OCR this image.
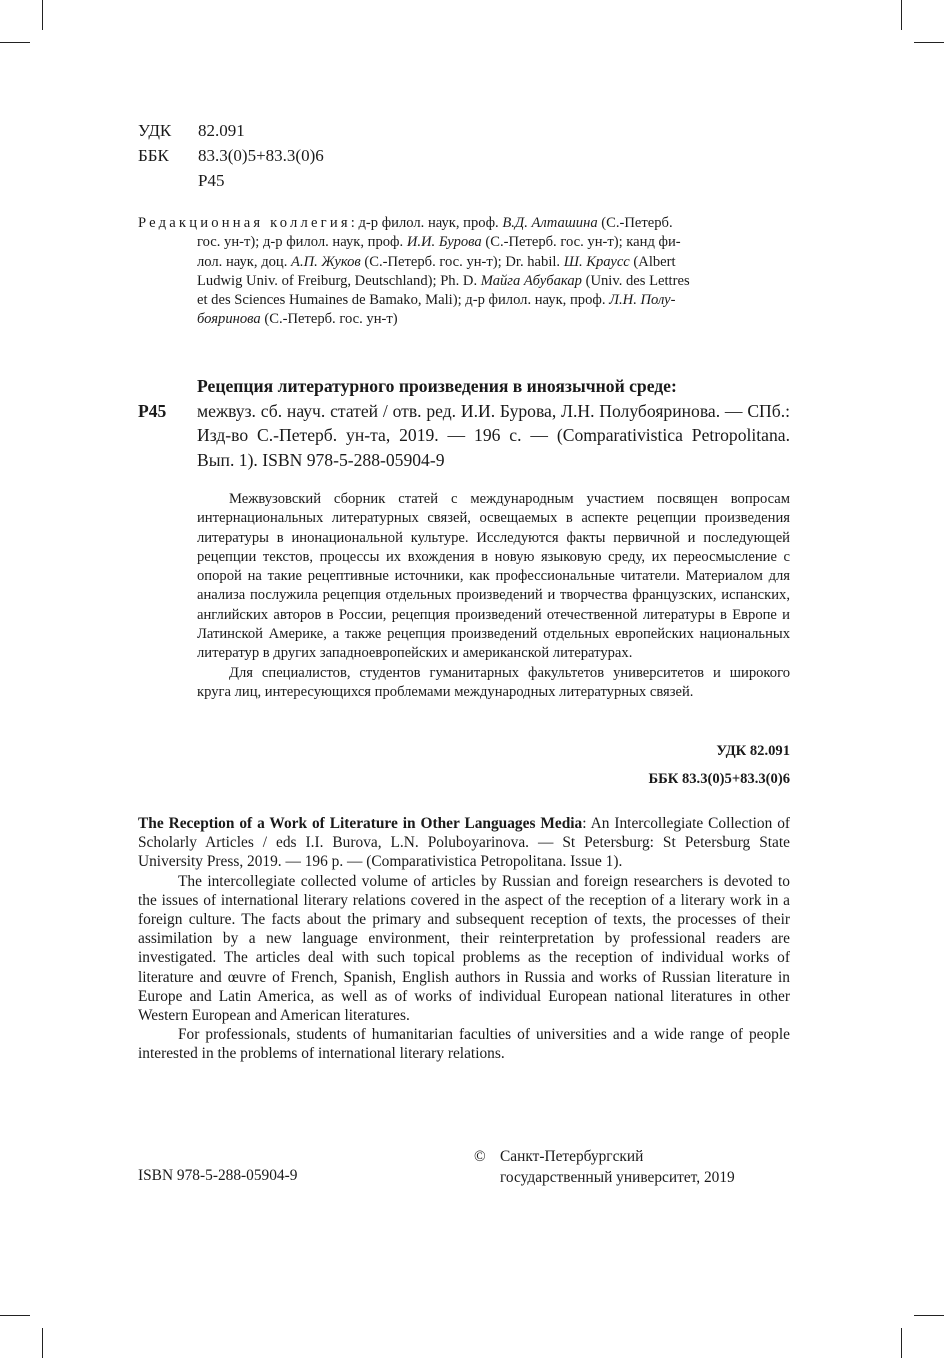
УДК	82.091
ББК	83.3(0)5+83.3(0)6
Р45
Редакционная коллегия: д-р филол. наук, проф. В.Д. Алташина (С.-Петерб.
гос. ун-т); д-р филол. наук, проф. И.И. Бурова (С.-Петерб. гос. ун-т); канд фи-
лол. наук, доц. А.П. Жуков (С.-Петерб. гос. ун-т); Dr. habil. Ш. Краусс (Albert
Ludwig Univ. of Freiburg, Deutschland); Ph. D. Майга Абубакар (Univ. des Lettres
et des Sciences Humaines de Bamako, Mali); д-р филол. наук, проф. Л.Н. Полу-
бояринова (С.-Петерб. гос. ун-т)
Р45
Рецепция литературного произведения в иноязычной среде:
межвуз. сб. науч. статей / отв. ред. И.И. Бурова, Л.Н. Полубояринова. — СПб.: Изд-во С.-Петерб. ун-та, 2019. — 196 с. — (Comparativistica Petropolitana. Вып. 1). ISBN 978-5-288-05904-9

Межвузовский сборник статей с международным участием посвящен вопросам интернациональных литературных связей, освещаемых в аспекте рецепции произведения литературы в инонациональной культуре. Исследуются факты первичной и последующей рецепции текстов, процессы их вхождения в новую языковую среду, их переосмысление с опорой на такие рецептивные источники, как профессиональные читатели. Материалом для анализа послужила рецепция отдельных произведений и творчества французских, испанских, английских авторов в России, рецепция произведений отечественной литературы в Европе и Латинской Америке, а также рецепция произведений отдельных европейских национальных литератур в других западноевропейских и американской литературах.

Для специалистов, студентов гуманитарных факультетов университетов и широкого круга лиц, интересующихся проблемами международных литературных связей.

УДК 82.091
ББК 83.3(0)5+83.3(0)6

The Reception of a Work of Literature in Other Languages Media: An Intercollegiate Collection of Scholarly Articles / eds I.I. Burova, L.N. Poluboyarinova. — St Petersburg: St Petersburg State University Press, 2019. — 196 p. — (Comparativistica Petropolitana. Issue 1).

The intercollegiate collected volume of articles by Russian and foreign researchers is devoted to the issues of international literary relations covered in the aspect of the reception of a literary work in a foreign culture. The facts about the primary and subsequent reception of texts, the processes of their assimilation by a new language environment, their reinterpretation by professional readers are investigated. The articles deal with such topical problems as the reception of individual works of literature and œuvre of French, Spanish, English authors in Russia and works of Russian literature in Europe and Latin America, as well as of works of individual European national literatures in other Western European and American literatures.

For professionals, students of humanitarian faculties of universities and a wide range of people interested in the problems of international literary relations.

ISBN 978-5-288-05904-9
© Санкт-Петербургский
государственный университет, 2019
